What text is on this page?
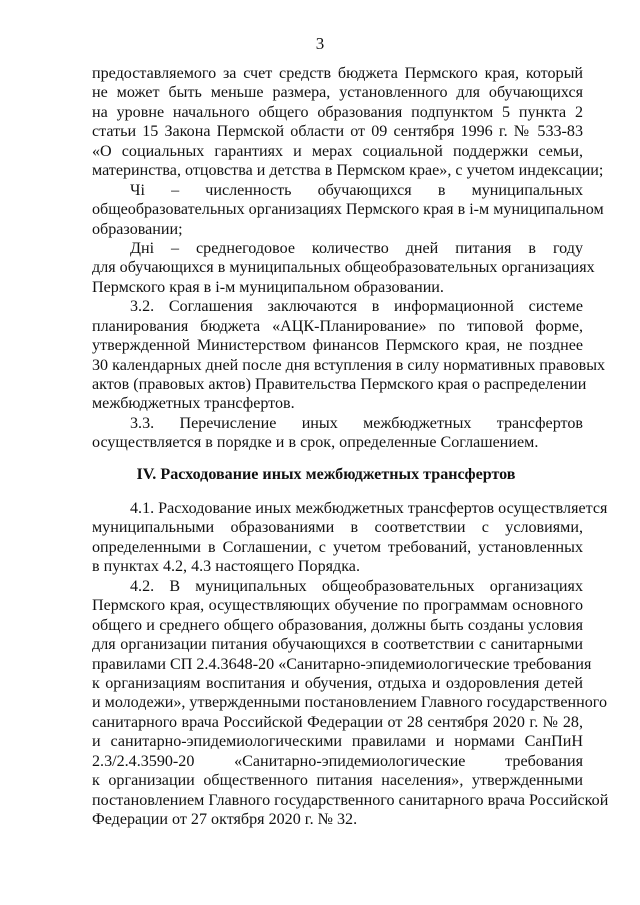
3
предоставляемого за счет средств бюджета Пермского края, который
не может быть меньше размера, установленного для обучающихся
на уровне начального общего образования подпунктом 5 пункта 2
статьи 15 Закона Пермской области от 09 сентября 1996 г. № 533-83
«О социальных гарантиях и мерах социальной поддержки семьи,
материнства, отцовства и детства в Пермском крае», с учетом индексации;
Чi – численность обучающихся в муниципальных
общеобразовательных организациях Пермского края в i-м муниципальном
образовании;
Днi – среднегодовое количество дней питания в году
для обучающихся в муниципальных общеобразовательных организациях
Пермского края в i-м муниципальном образовании.
3.2. Соглашения заключаются в информационной системе
планирования бюджета «АЦК-Планирование» по типовой форме,
утвержденной Министерством финансов Пермского края, не позднее
30 календарных дней после дня вступления в силу нормативных правовых
актов (правовых актов) Правительства Пермского края о распределении
межбюджетных трансфертов.
3.3. Перечисление иных межбюджетных трансфертов
осуществляется в порядке и в срок, определенные Соглашением.
IV. Расходование иных межбюджетных трансфертов
4.1. Расходование иных межбюджетных трансфертов осуществляется
муниципальными образованиями в соответствии с условиями,
определенными в Соглашении, с учетом требований, установленных
в пунктах 4.2, 4.3 настоящего Порядка.
4.2. В муниципальных общеобразовательных организациях
Пермского края, осуществляющих обучение по программам основного
общего и среднего общего образования, должны быть созданы условия
для организации питания обучающихся в соответствии с санитарными
правилами СП 2.4.3648-20 «Санитарно-эпидемиологические требования
к организациям воспитания и обучения, отдыха и оздоровления детей
и молодежи», утвержденными постановлением Главного государственного
санитарного врача Российской Федерации от 28 сентября 2020 г. № 28,
и санитарно-эпидемиологическими правилами и нормами СанПиН
2.3/2.4.3590-20 «Санитарно-эпидемиологические требования
к организации общественного питания населения», утвержденными
постановлением Главного государственного санитарного врача Российской
Федерации от 27 октября 2020 г. № 32.
